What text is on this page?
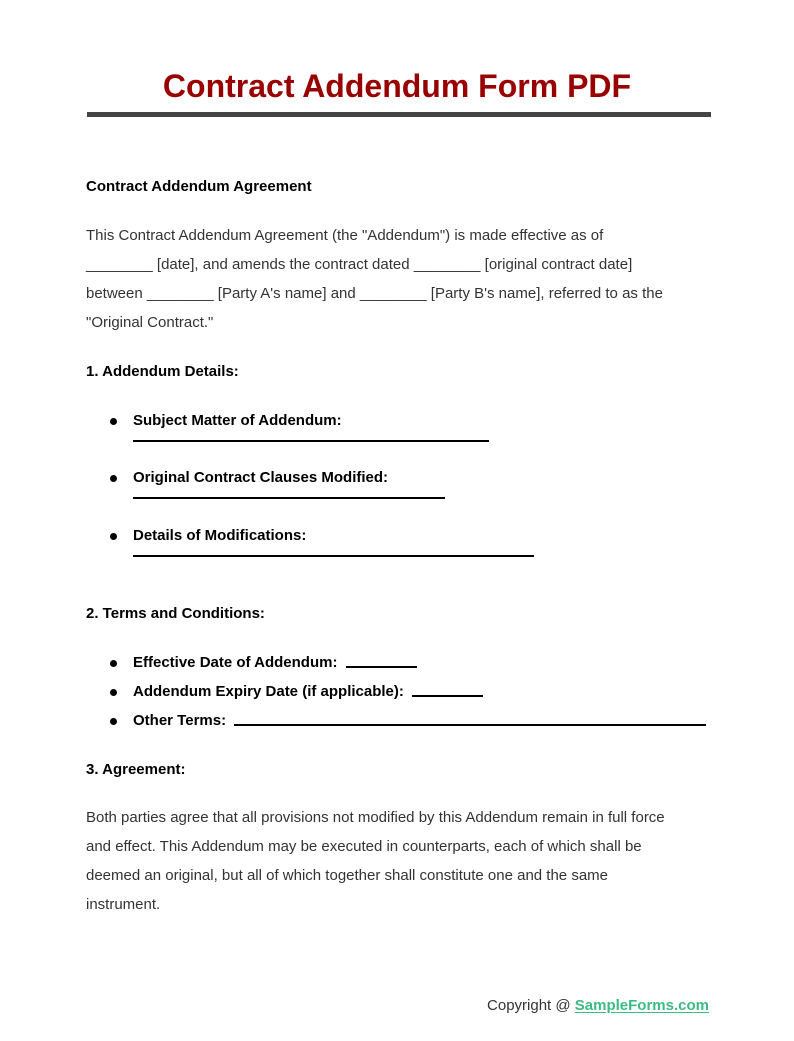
Contract Addendum Form PDF
Contract Addendum Agreement
This Contract Addendum Agreement (the "Addendum") is made effective as of
________ [date], and amends the contract dated ________ [original contract date]
between ________ [Party A's name] and ________ [Party B's name], referred to as the
"Original Contract."
1. Addendum Details:
Subject Matter of Addendum:
Original Contract Clauses Modified:
Details of Modifications:
2. Terms and Conditions:
Effective Date of Addendum:
Addendum Expiry Date (if applicable):
Other Terms:
3. Agreement:
Both parties agree that all provisions not modified by this Addendum remain in full force
and effect. This Addendum may be executed in counterparts, each of which shall be
deemed an original, but all of which together shall constitute one and the same
instrument.
Copyright @ SampleForms.com
